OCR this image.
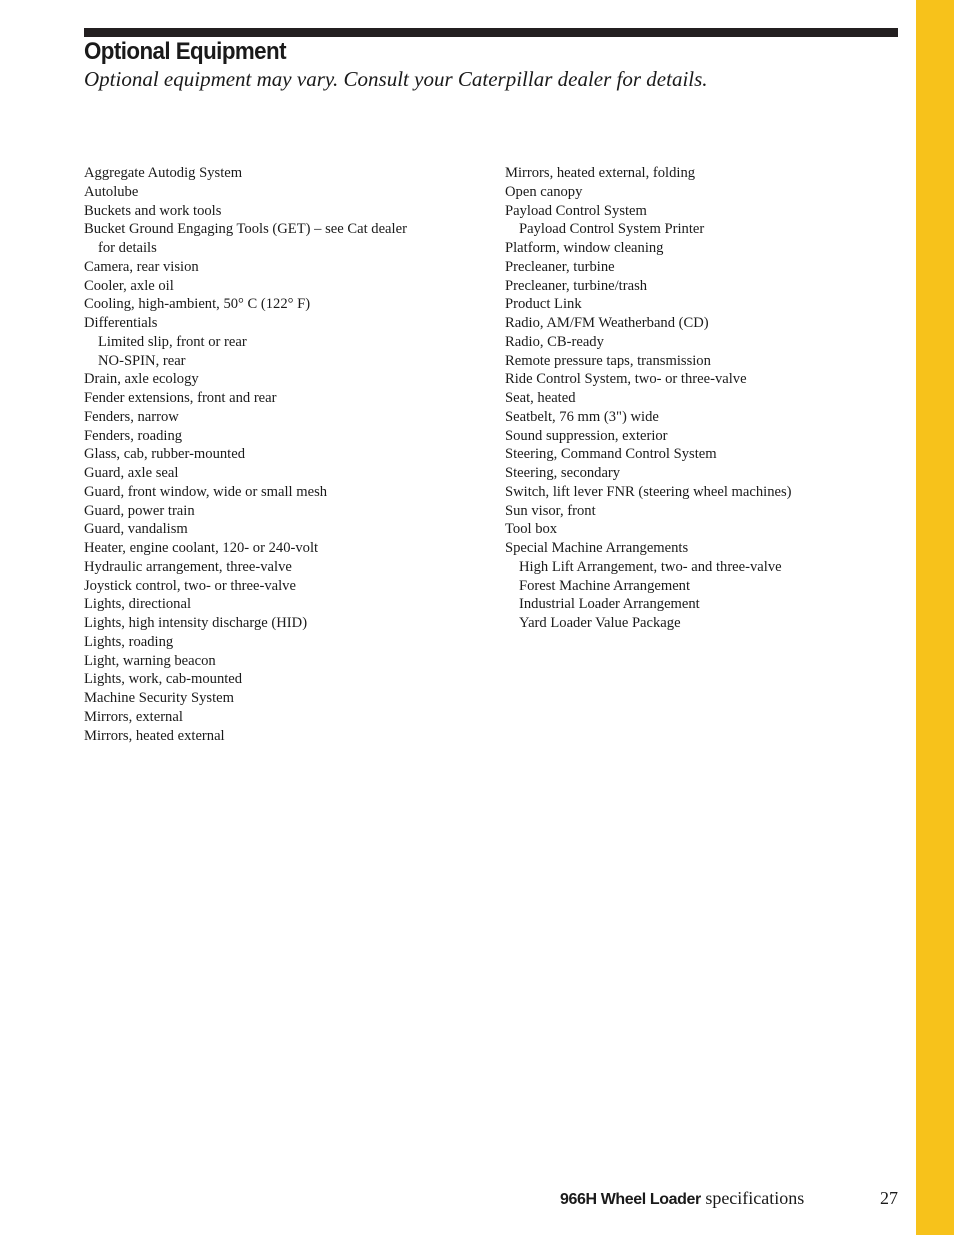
Optional Equipment

Optional equipment may vary. Consult your Caterpillar dealer for details.

Aggregate Autodig System
Autolube
Buckets and work tools
Bucket Ground Engaging Tools (GET) – see Cat dealer
for details
Camera, rear vision
Cooler, axle oil
Cooling, high-ambient, 50° C (122° F)
Differentials
Limited slip, front or rear
NO-SPIN, rear
Drain, axle ecology
Fender extensions, front and rear
Fenders, narrow
Fenders, roading
Glass, cab, rubber-mounted
Guard, axle seal
Guard, front window, wide or small mesh
Guard, power train
Guard, vandalism
Heater, engine coolant, 120- or 240-volt
Hydraulic arrangement, three-valve
Joystick control, two- or three-valve
Lights, directional
Lights, high intensity discharge (HID)
Lights, roading
Light, warning beacon
Lights, work, cab-mounted
Machine Security System
Mirrors, external
Mirrors, heated external
Mirrors, heated external, folding
Open canopy
Payload Control System
Payload Control System Printer
Platform, window cleaning
Precleaner, turbine
Precleaner, turbine/trash
Product Link
Radio, AM/FM Weatherband (CD)
Radio, CB-ready
Remote pressure taps, transmission
Ride Control System, two- or three-valve
Seat, heated
Seatbelt, 76 mm (3") wide
Sound suppression, exterior
Steering, Command Control System
Steering, secondary
Switch, lift lever FNR (steering wheel machines)
Sun visor, front
Tool box
Special Machine Arrangements
High Lift Arrangement, two- and three-valve
Forest Machine Arrangement
Industrial Loader Arrangement
Yard Loader Value Package
966H Wheel Loader specifications	27
